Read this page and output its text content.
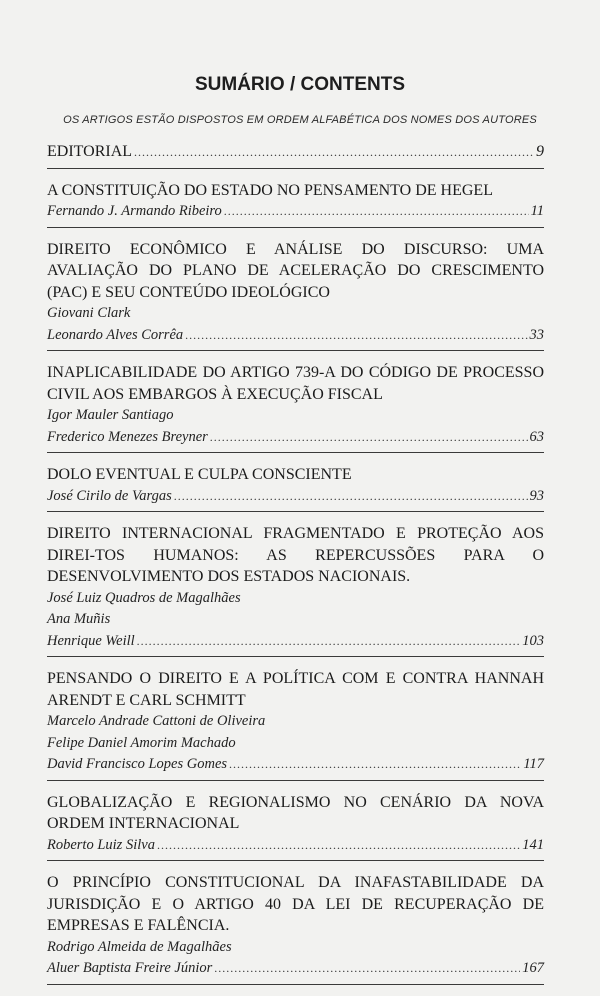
SUMÁRIO / CONTENTS
OS ARTIGOS ESTÃO DISPOSTOS EM ORDEM ALFABÉTICA DOS NOMES DOS AUTORES
EDITORIAL .....	9

A CONSTITUIÇÃO DO ESTADO NO PENSAMENTO DE HEGEL

Fernando J. Armando Ribeiro .....	11

DIREITO ECONÔMICO E ANÁLISE DO DISCURSO: UMA AVALIAÇÃO DO PLANO DE ACELERAÇÃO DO CRESCIMENTO (PAC) E SEU CONTEÚDO IDEOLÓGICO

Giovani Clark

Leonardo Alves Corrêa .....	33

INAPLICABILIDADE DO ARTIGO 739-A DO CÓDIGO DE PROCESSO CIVIL AOS EMBARGOS À EXECUÇÃO FISCAL

Igor Mauler Santiago

Frederico Menezes Breyner .....	63

DOLO EVENTUAL E CULPA CONSCIENTE

José Cirilo de Vargas .....	93

DIREITO INTERNACIONAL FRAGMENTADO E PROTEÇÃO AOS DIREI-TOS HUMANOS: AS REPERCUSSÕES PARA O DESENVOLVIMENTO DOS ESTADOS NACIONAIS.

José Luiz Quadros de Magalhães

Ana Muñis

Henrique Weill .....	103

PENSANDO O DIREITO E A POLÍTICA COM E CONTRA HANNAH ARENDT E CARL SCHMITT

Marcelo Andrade Cattoni de Oliveira

Felipe Daniel Amorim Machado

David Francisco Lopes Gomes .....	117

GLOBALIZAÇÃO E REGIONALISMO NO CENÁRIO DA NOVA ORDEM INTERNACIONAL

Roberto Luiz Silva .....	141

O PRINCÍPIO CONSTITUCIONAL DA INAFASTABILIDADE DA JURISDIÇÃO E O ARTIGO 40 DA LEI DE RECUPERAÇÃO DE EMPRESAS E FALÊNCIA.

Rodrigo Almeida de Magalhães

Aluer Baptista Freire Júnior .....	167
